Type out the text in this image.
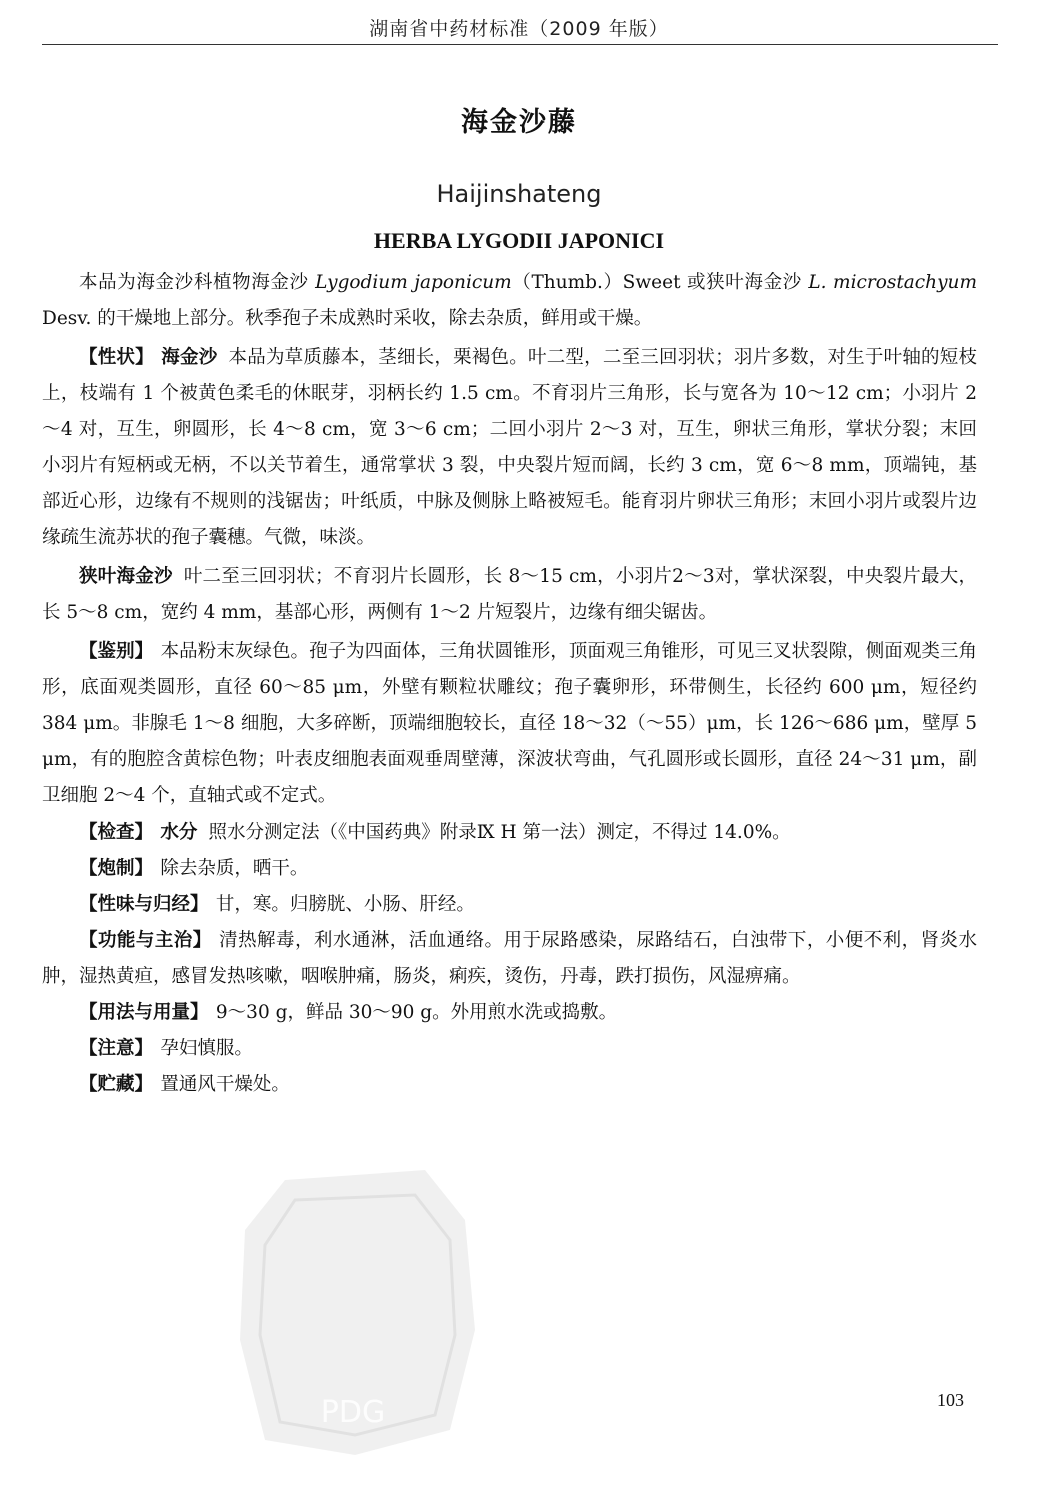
湖南省中药材标准（2009 年版）
海金沙藤
Haijinshateng
HERBA LYGODII JAPONICI

本品为海金沙科植物海金沙 Lygodium japonicum（Thumb.）Sweet 或狭叶海金沙 L. microstachyum Desv. 的干燥地上部分。秋季孢子未成熟时采收，除去杂质，鲜用或干燥。

【性状】 海金沙 本品为草质藤本，茎细长，栗褐色。叶二型，二至三回羽状；羽片多数，对生于叶轴的短枝上，枝端有 1 个被黄色柔毛的休眠芽，羽柄长约 1.5 cm。不育羽片三角形，长与宽各为 10～12 cm；小羽片 2～4 对，互生，卵圆形，长 4～8 cm，宽 3～6 cm；二回小羽片 2～3 对，互生，卵状三角形，掌状分裂；末回小羽片有短柄或无柄，不以关节着生，通常掌状 3 裂，中央裂片短而阔，长约 3 cm，宽 6～8 mm，顶端钝，基部近心形，边缘有不规则的浅锯齿；叶纸质，中脉及侧脉上略被短毛。能育羽片卵状三角形；末回小羽片或裂片边缘疏生流苏状的孢子囊穗。气微，味淡。

狭叶海金沙 叶二至三回羽状；不育羽片长圆形，长 8～15 cm，小羽片2～3对，掌状深裂，中央裂片最大，长 5～8 cm，宽约 4 mm，基部心形，两侧有 1～2 片短裂片，边缘有细尖锯齿。

【鉴别】 本品粉末灰绿色。孢子为四面体，三角状圆锥形，顶面观三角锥形，可见三叉状裂隙，侧面观类三角形，底面观类圆形，直径 60～85 μm，外壁有颗粒状雕纹；孢子囊卵形，环带侧生，长径约 600 μm，短径约 384 μm。非腺毛 1～8 细胞，大多碎断，顶端细胞较长，直径 18～32（～55）μm，长 126～686 μm，壁厚 5 μm，有的胞腔含黄棕色物；叶表皮细胞表面观垂周壁薄，深波状弯曲，气孔圆形或长圆形，直径 24～31 μm，副卫细胞 2～4 个，直轴式或不定式。

【检查】 水分 照水分测定法（《中国药典》附录Ⅸ H 第一法）测定，不得过 14.0%。

【炮制】 除去杂质，晒干。

【性味与归经】 甘，寒。归膀胱、小肠、肝经。

【功能与主治】 清热解毒，利水通淋，活血通络。用于尿路感染，尿路结石，白浊带下，小便不利，肾炎水肿，湿热黄疸，感冒发热咳嗽，咽喉肿痛，肠炎，痢疾，烫伤，丹毒，跌打损伤，风湿痹痛。

【用法与用量】 9～30 g，鲜品 30～90 g。外用煎水洗或捣敷。

【注意】 孕妇慎服。

【贮藏】 置通风干燥处。

PDG	103
